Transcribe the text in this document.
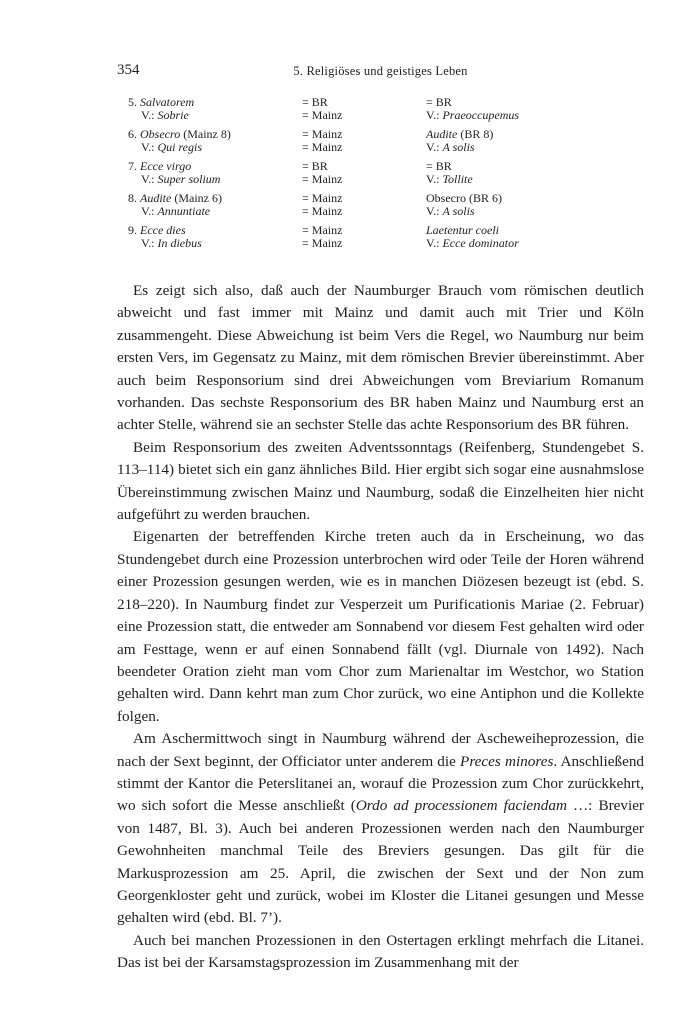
354	5. Religiöses und geistiges Leben
5. Salvatorem	= BR	= BR
V.: Sobrie	= Mainz	V.: Praeoccupemus
6. Obsecro (Mainz 8)	= Mainz	Audite (BR 8)
V.: Qui regis	= Mainz	V.: A solis
7. Ecce virgo	= BR	= BR
V.: Super solium	= Mainz	V.: Tollite
8. Audite (Mainz 6)	= Mainz	Obsecro (BR 6)
V.: Annuntiate	= Mainz	V.: A solis
9. Ecce dies	= Mainz	Laetentur coeli
V.: In diebus	= Mainz	V.: Ecce dominator

Es zeigt sich also, daß auch der Naumburger Brauch vom römischen deutlich abweicht und fast immer mit Mainz und damit auch mit Trier und Köln zusammengeht. Diese Abweichung ist beim Vers die Regel, wo Naumburg nur beim ersten Vers, im Gegensatz zu Mainz, mit dem römischen Brevier übereinstimmt. Aber auch beim Responsorium sind drei Abweichungen vom Breviarium Romanum vorhanden. Das sechste Responsorium des BR haben Mainz und Naumburg erst an achter Stelle, während sie an sechster Stelle das achte Responsorium des BR führen.

Beim Responsorium des zweiten Adventssonntags (Reifenberg, Stundengebet S. 113–114) bietet sich ein ganz ähnliches Bild. Hier ergibt sich sogar eine ausnahmslose Übereinstimmung zwischen Mainz und Naumburg, sodaß die Einzelheiten hier nicht aufgeführt zu werden brauchen.

Eigenarten der betreffenden Kirche treten auch da in Erscheinung, wo das Stundengebet durch eine Prozession unterbrochen wird oder Teile der Horen während einer Prozession gesungen werden, wie es in manchen Diözesen bezeugt ist (ebd. S. 218–220). In Naumburg findet zur Vesperzeit um Purificationis Mariae (2. Februar) eine Prozession statt, die entweder am Sonnabend vor diesem Fest gehalten wird oder am Festtage, wenn er auf einen Sonnabend fällt (vgl. Diurnale von 1492). Nach beendeter Oration zieht man vom Chor zum Marienaltar im Westchor, wo Station gehalten wird. Dann kehrt man zum Chor zurück, wo eine Antiphon und die Kollekte folgen.

Am Aschermittwoch singt in Naumburg während der Ascheweiheprozession, die nach der Sext beginnt, der Officiator unter anderem die Preces minores. Anschließend stimmt der Kantor die Peterslitanei an, worauf die Prozession zum Chor zurückkehrt, wo sich sofort die Messe anschließt (Ordo ad processionem faciendam …: Brevier von 1487, Bl. 3). Auch bei anderen Prozessionen werden nach den Naumburger Gewohnheiten manchmal Teile des Breviers gesungen. Das gilt für die Markusprozession am 25. April, die zwischen der Sext und der Non zum Georgenkloster geht und zurück, wobei im Kloster die Litanei gesungen und Messe gehalten wird (ebd. Bl. 7’).

Auch bei manchen Prozessionen in den Ostertagen erklingt mehrfach die Litanei. Das ist bei der Karsamstagsprozession im Zusammenhang mit der
